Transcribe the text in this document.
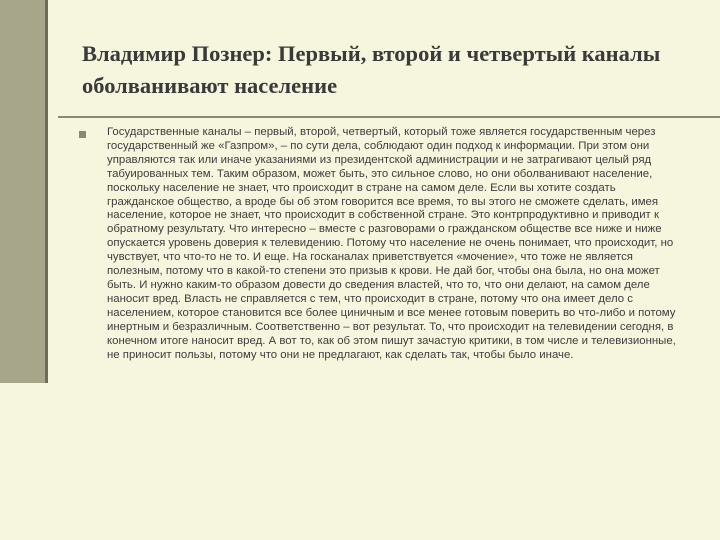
Владимир Познер: Первый, второй и четвертый каналы оболванивают население

Государственные каналы – первый, второй, четвертый, который тоже является государственным через государственный же «Газпром», – по сути дела, соблюдают один подход к информации. При этом они управляются так или иначе указаниями из президентской администрации и не затрагивают целый ряд табуированных тем. Таким образом, может быть, это сильное слово, но они оболванивают население, поскольку население не знает, что происходит в стране на самом деле. Если вы хотите создать гражданское общество, а вроде бы об этом говорится все время, то вы этого не сможете сделать, имея население, которое не знает, что происходит в собственной стране. Это контрпродуктивно и приводит к обратному результату. Что интересно – вместе с разговорами о гражданском обществе все ниже и ниже опускается уровень доверия к телевидению. Потому что население не очень понимает, что происходит, но чувствует, что что-то не то. И еще. На госканалах приветствуется «мочение», что тоже не является полезным, потому что в какой-то степени это призыв к крови. Не дай бог, чтобы она была, но она может быть. И нужно каким-то образом довести до сведения властей, что то, что они делают, на самом деле наносит вред. Власть не справляется с тем, что происходит в стране, потому что она имеет дело с населением, которое становится все более циничным и все менее готовым поверить во что-либо и потому инертным и безразличным. Соответственно – вот результат. То, что происходит на телевидении сегодня, в конечном итоге наносит вред. А вот то, как об этом пишут зачастую критики, в том числе и телевизионные, не приносит пользы, потому что они не предлагают, как сделать так, чтобы было иначе.
